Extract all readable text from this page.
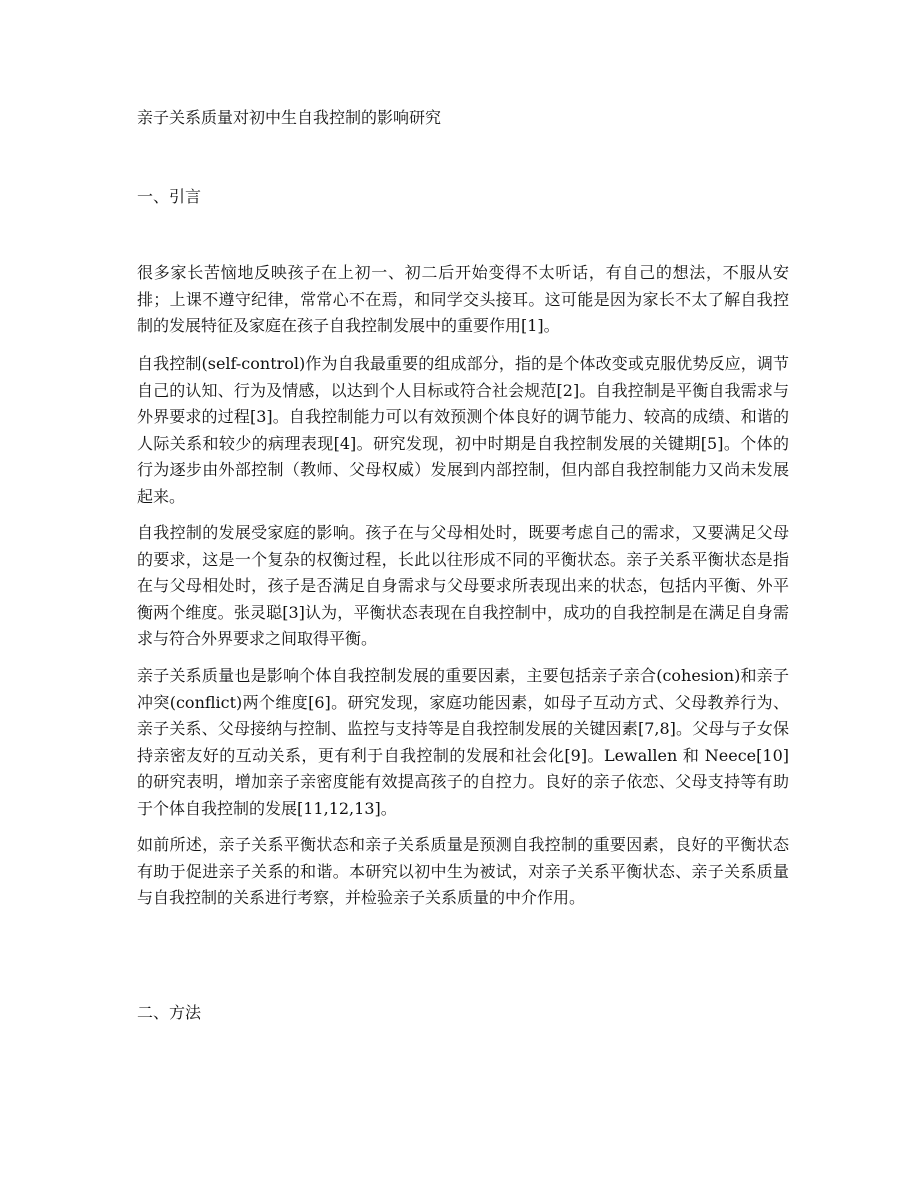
亲子关系质量对初中生自我控制的影响研究
一、引言

很多家长苦恼地反映孩子在上初一、初二后开始变得不太听话，有自己的想法，不服从安排；上课不遵守纪律，常常心不在焉，和同学交头接耳。这可能是因为家长不太了解自我控制的发展特征及家庭在孩子自我控制发展中的重要作用[1]。

自我控制(self-control)作为自我最重要的组成部分，指的是个体改变或克服优势反应，调节自己的认知、行为及情感，以达到个人目标或符合社会规范[2]。自我控制是平衡自我需求与外界要求的过程[3]。自我控制能力可以有效预测个体良好的调节能力、较高的成绩、和谐的人际关系和较少的病理表现[4]。研究发现，初中时期是自我控制发展的关键期[5]。个体的行为逐步由外部控制（教师、父母权威）发展到内部控制，但内部自我控制能力又尚未发展起来。

自我控制的发展受家庭的影响。孩子在与父母相处时，既要考虑自己的需求，又要满足父母的要求，这是一个复杂的权衡过程，长此以往形成不同的平衡状态。亲子关系平衡状态是指在与父母相处时，孩子是否满足自身需求与父母要求所表现出来的状态，包括内平衡、外平衡两个维度。张灵聪[3]认为，平衡状态表现在自我控制中，成功的自我控制是在满足自身需求与符合外界要求之间取得平衡。

亲子关系质量也是影响个体自我控制发展的重要因素，主要包括亲子亲合(cohesion)和亲子冲突(conflict)两个维度[6]。研究发现，家庭功能因素，如母子互动方式、父母教养行为、亲子关系、父母接纳与控制、监控与支持等是自我控制发展的关键因素[7,8]。父母与子女保持亲密友好的互动关系，更有利于自我控制的发展和社会化[9]。Lewallen 和 Neece[10]的研究表明，增加亲子亲密度能有效提高孩子的自控力。良好的亲子依恋、父母支持等有助于个体自我控制的发展[11,12,13]。

如前所述，亲子关系平衡状态和亲子关系质量是预测自我控制的重要因素，良好的平衡状态有助于促进亲子关系的和谐。本研究以初中生为被试，对亲子关系平衡状态、亲子关系质量与自我控制的关系进行考察，并检验亲子关系质量的中介作用。

二、方法
